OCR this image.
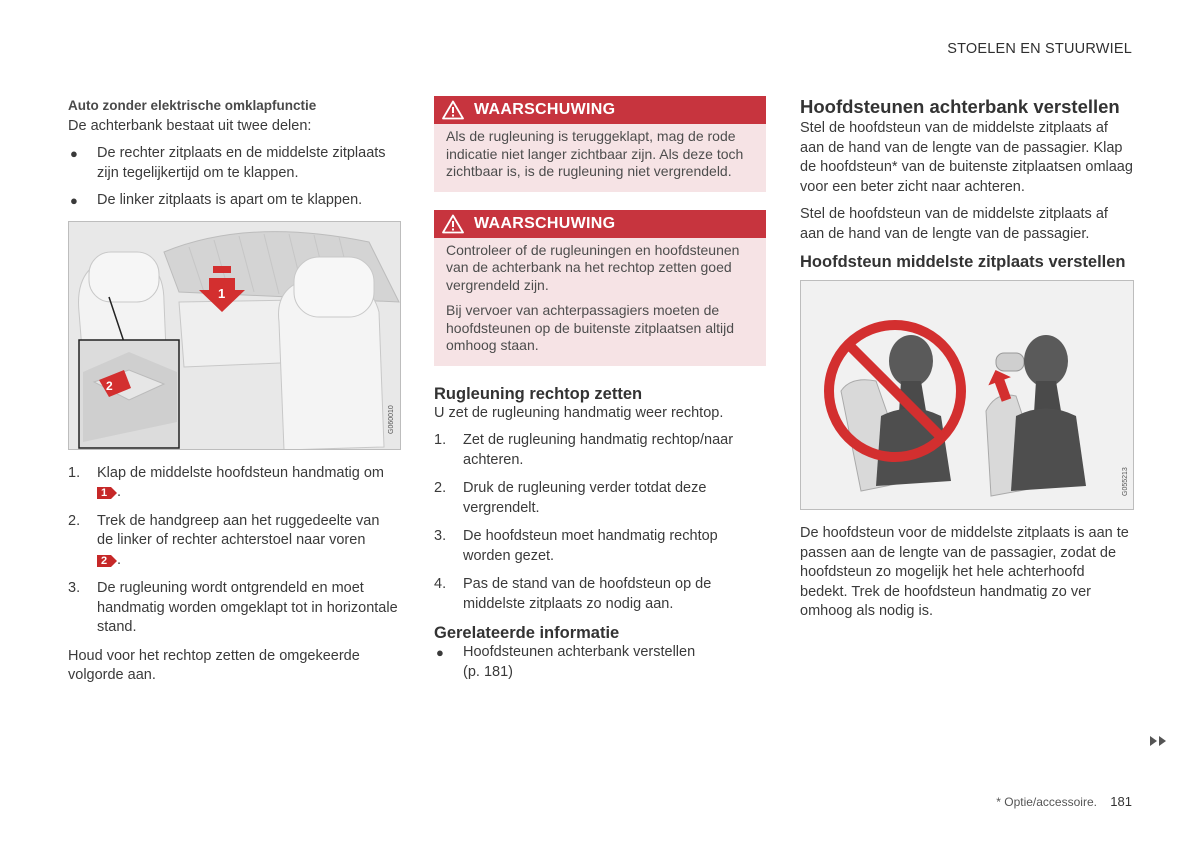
STOELEN EN STUURWIEL
Auto zonder elektrische omklapfunctie

De achterbank bestaat uit twee delen:

● De rechter zitplaats en de middelste zitplaats zijn tegelijkertijd om te klappen.
● De linker zitplaats is apart om te klappen.
1
2
G060010
1. Klap de middelste hoofdsteun handmatig om

1 .
2. Trek de handgreep aan het ruggedeelte van de linker of rechter achterstoel naar voren

2 .
3. De rugleuning wordt ontgrendeld en moet handmatig worden omgeklapt tot in horizontale stand.

Houd voor het rechtop zetten de omgekeerde volgorde aan.

WAARSCHUWING

Als de rugleuning is teruggeklapt, mag de rode indicatie niet langer zichtbaar zijn. Als deze toch zichtbaar is, is de rugleuning niet vergrendeld.

WAARSCHUWING

Controleer of de rugleuningen en hoofdsteunen van de achterbank na het rechtop zetten goed vergrendeld zijn.

Bij vervoer van achterpassagiers moeten de hoofdsteunen op de buitenste zitplaatsen altijd omhoog staan.

Rugleuning rechtop zetten

U zet de rugleuning handmatig weer rechtop.

1. Zet de rugleuning handmatig rechtop/naar achteren.
2. Druk de rugleuning verder totdat deze vergrendelt.
3. De hoofdsteun moet handmatig rechtop worden gezet.
4. Pas de stand van de hoofdsteun op de middelste zitplaats zo nodig aan.
Gerelateerde informatie
● Hoofdsteunen achterbank verstellen
(p. 181)
Hoofdsteunen achterbank verstellen

Stel de hoofdsteun van de middelste zitplaats af aan de hand van de lengte van de passagier. Klap de hoofdsteun* van de buitenste zitplaatsen omlaag voor een beter zicht naar achteren.

Stel de hoofdsteun van de middelste zitplaats af aan de hand van de lengte van de passagier.

Hoofdsteun middelste zitplaats verstellen
G055213

De hoofdsteun voor de middelste zitplaats is aan te passen aan de lengte van de passagier, zodat de hoofdsteun zo mogelijk het hele achterhoofd bedekt. Trek de hoofdsteun handmatig zo ver omhoog als nodig is.

* Optie/accessoire. 181
